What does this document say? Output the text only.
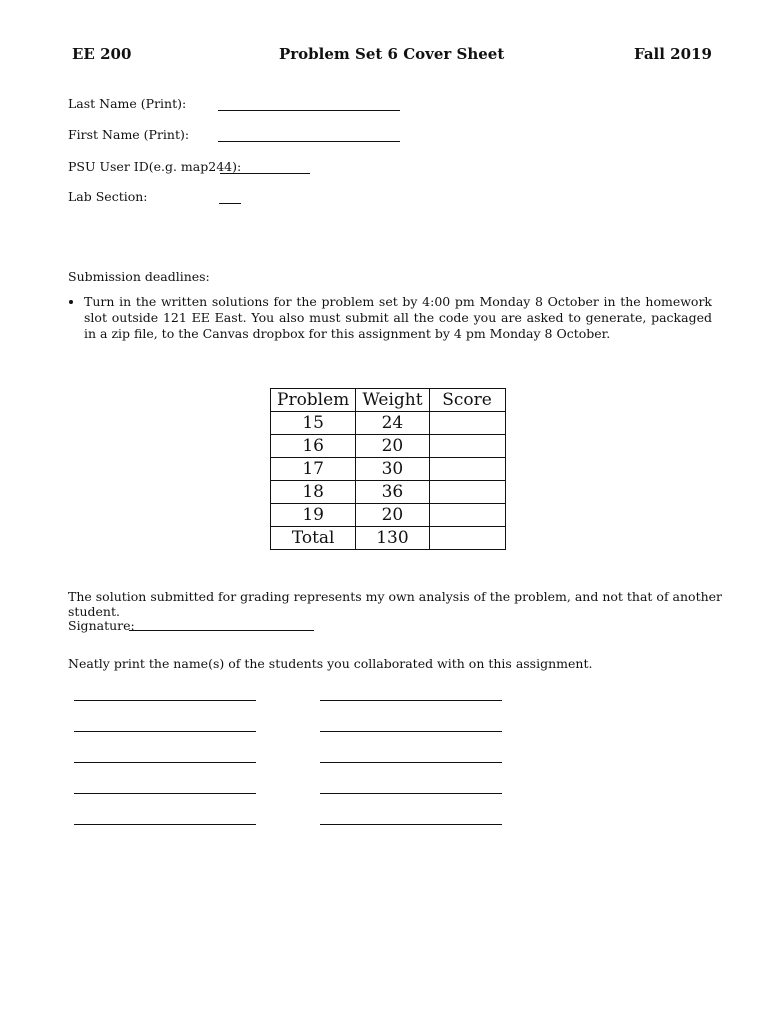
EE 200	Problem Set 6 Cover Sheet	Fall 2019
Last Name (Print):
First Name (Print):
PSU User ID(e.g. map244):
Lab Section:
Submission deadlines:
• Turn in the written solutions for the problem set by 4:00 pm Monday 8 October in the homework slot outside 121 EE East. You also must submit all the code you are asked to generate, packaged in a zip file, to the Canvas dropbox for this assignment by 4 pm Monday 8 October.
Problem	Weight	Score
15	24	
16	20	
17	30	
18	36	
19	20	
Total	130	
The solution submitted for grading represents my own analysis of the problem, and not that of another student.
Signature:
Neatly print the name(s) of the students you collaborated with on this assignment.
